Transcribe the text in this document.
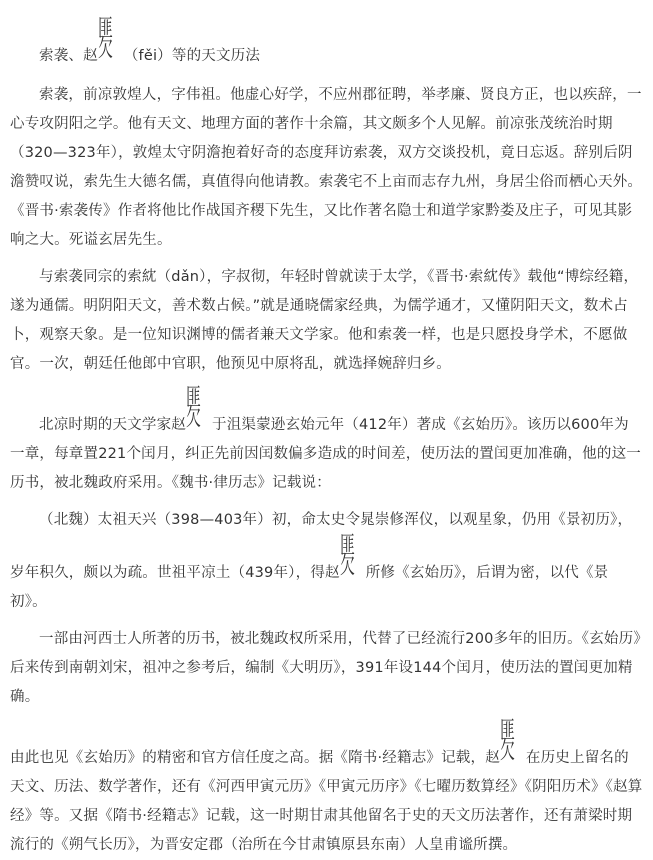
索袭、赵匪欠 （fěi）等的天文历法

索袭，前凉敦煌人，字伟祖。他虚心好学，不应州郡征聘，举孝廉、贤良方正，也以疾辞，一心专攻阴阳之学。他有天文、地理方面的著作十余篇，其文颇多个人见解。前凉张茂统治时期（320—323年），敦煌太守阴澹抱着好奇的态度拜访索袭，双方交谈投机，竟日忘返。辞别后阴澹赞叹说，索先生大德名儒，真值得向他请教。索袭宅不上亩而志存九州，身居尘俗而栖心天外。《晋书·索袭传》作者将他比作战国齐稷下先生，又比作著名隐士和道学家黔娄及庄子，可见其影响之大。死谥玄居先生。

与索袭同宗的索紞（dǎn），字叔彻，年轻时曾就读于太学，《晋书·索紞传》载他“博综经籍，遂为通儒。明阴阳天文，善术数占候。”就是通晓儒家经典，为儒学通才，又懂阴阳天文，数术占卜，观察天象。是一位知识渊博的儒者兼天文学家。他和索袭一样，也是只愿投身学术，不愿做官。一次，朝廷任他郎中官职，他预见中原将乱，就选择婉辞归乡。

北凉时期的天文学家赵匪欠 于沮渠蒙逊玄始元年（412年）著成《玄始历》。该历以600年为一章，每章置221个闰月，纠正先前因闰数偏多造成的时间差，使历法的置闰更加准确，他的这一历书，被北魏政府采用。《魏书·律历志》记载说：

（北魏）太祖天兴（398—403年）初，命太史令晁崇修浑仪，以观星象，仍用《景初历》，岁年积久，颇以为疏。世祖平凉土（439年），得赵匪欠 所修《玄始历》，后谓为密，以代《景初》。

一部由河西士人所著的历书，被北魏政权所采用，代替了已经流行200多年的旧历。《玄始历》后来传到南朝刘宋，祖冲之参考后，编制《大明历》，391年设144个闰月，使历法的置闰更加精确。

由此也见《玄始历》的精密和官方信任度之高。据《隋书·经籍志》记载，赵匪欠 在历史上留名的天文、历法、数学著作，还有《河西甲寅元历》《甲寅元历序》《七曜历数算经》《阴阳历术》《赵算经》等。又据《隋书·经籍志》记载，这一时期甘肃其他留名于史的天文历法著作，还有萧梁时期流行的《朔气长历》，为晋安定郡（治所在今甘肃镇原县东南）人皇甫谧所撰。
